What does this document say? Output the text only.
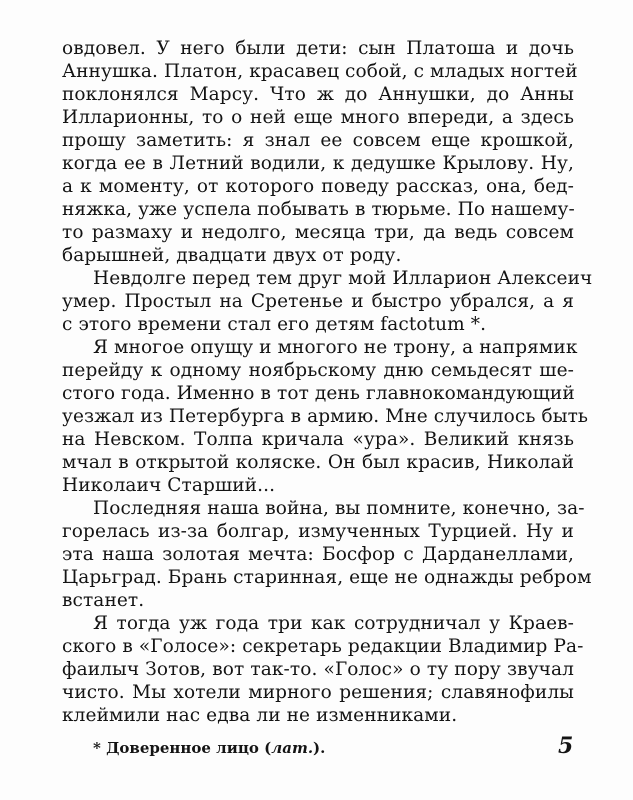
овдовел. У него были дети: сын Платоша и дочь
Аннушка. Платон, красавец собой, с младых ногтей
поклонялся Марсу. Что ж до Аннушки, до Анны
Илларионны, то о ней еще много впереди, а здесь
прошу заметить: я знал ее совсем еще крошкой,
когда ее в Летний водили, к дедушке Крылову. Ну,
а к моменту, от которого поведу рассказ, она, бед-
няжка, уже успела побывать в тюрьме. По нашему-
то размаху и недолго, месяца три, да ведь совсем
барышней, двадцати двух от роду.
Невдолге перед тем друг мой Илларион Алексеич
умер. Простыл на Сретенье и быстро убрался, а я
с этого времени стал его детям factotum *.
Я многое опущу и многого не трону, а напрямик
перейду к одному ноябрьскому дню семьдесят ше-
стого года. Именно в тот день главнокомандующий
уезжал из Петербурга в армию. Мне случилось быть
на Невском. Толпа кричала «ура». Великий князь
мчал в открытой коляске. Он был красив, Николай
Николаич Старший...
Последняя наша война, вы помните, конечно, за-
горелась из-за болгар, измученных Турцией. Ну и
эта наша золотая мечта: Босфор с Дарданеллами,
Царьград. Брань старинная, еще не однажды ребром
встанет.
Я тогда уж года три как сотрудничал у Краев-
ского в «Голосе»: секретарь редакции Владимир Ра-
фаилыч Зотов, вот так-то. «Голос» о ту пору звучал
чисто. Мы хотели мирного решения; славянофилы
клеймили нас едва ли не изменниками.
* Доверенное лицо (лат.).	5
